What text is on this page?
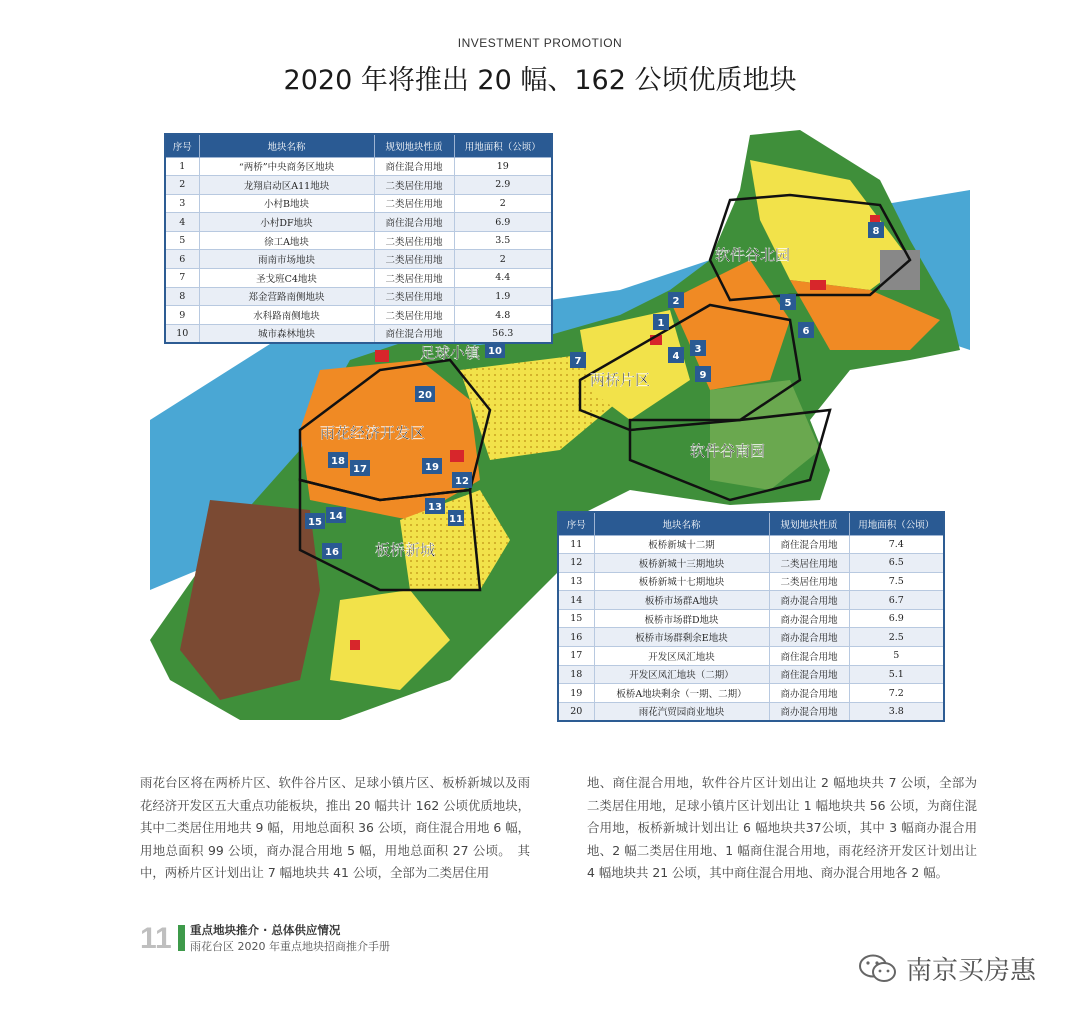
INVESTMENT PROMOTION
2020 年将推出 20 幅、162 公顷优质地块
软件谷北园
足球小镇
两桥片区
雨花经济开发区
软件谷南园
板桥新城
1
2
3
4
5
6
7
8
9
10
11
12
13
14
15
16
17
18
19
20
序号	地块名称	规划地块性质	用地面积（公顷）
1	“两桥”中央商务区地块	商住混合用地	19
2	龙翔启动区A11地块	二类居住用地	2.9
3	小村B地块	二类居住用地	2
4	小村DF地块	商住混合用地	6.9
5	徐工A地块	二类居住用地	3.5
6	雨南市场地块	二类居住用地	2
7	圣戈班C4地块	二类居住用地	4.4
8	郑金营路南侧地块	二类居住用地	1.9
9	水科路南侧地块	二类居住用地	4.8
10	城市森林地块	商住混合用地	56.3
序号	地块名称	规划地块性质	用地面积（公顷）
11	板桥新城十二期	商住混合用地	7.4
12	板桥新城十三期地块	二类居住用地	6.5
13	板桥新城十七期地块	二类居住用地	7.5
14	板桥市场群A地块	商办混合用地	6.7
15	板桥市场群D地块	商办混合用地	6.9
16	板桥市场群剩余E地块	商办混合用地	2.5
17	开发区凤汇地块	商住混合用地	5
18	开发区凤汇地块（二期）	商住混合用地	5.1
19	板桥A地块剩余（一期、二期）	商办混合用地	7.2
20	雨花汽贸园商业地块	商办混合用地	3.8

雨花台区将在两桥片区、软件谷片区、足球小镇片区、板桥新城以及雨花经济开发区五大重点功能板块，推出 20 幅共计 162 公顷优质地块，其中二类居住用地共 9 幅，用地总面积 36 公顷，商住混合用地 6 幅，用地总面积 99 公顷，商办混合用地 5 幅，用地总面积 27 公顷。　其中，两桥片区计划出让 7 幅地块共 41 公顷，全部为二类居住用

地、商住混合用地，软件谷片区计划出让 2 幅地块共 7 公顷，全部为二类居住用地，足球小镇片区计划出让 1 幅地块共 56 公顷，为商住混合用地，板桥新城计划出让 6 幅地块共37公顷，其中 3 幅商办混合用地、2 幅二类居住用地、1 幅商住混合用地，雨花经济开发区计划出让 4 幅地块共 21 公顷，其中商住混合用地、商办混合用地各 2 幅。

11 重点地块推介 · 总体供应情况
雨花台区 2020 年重点地块招商推介手册
南京买房惠
